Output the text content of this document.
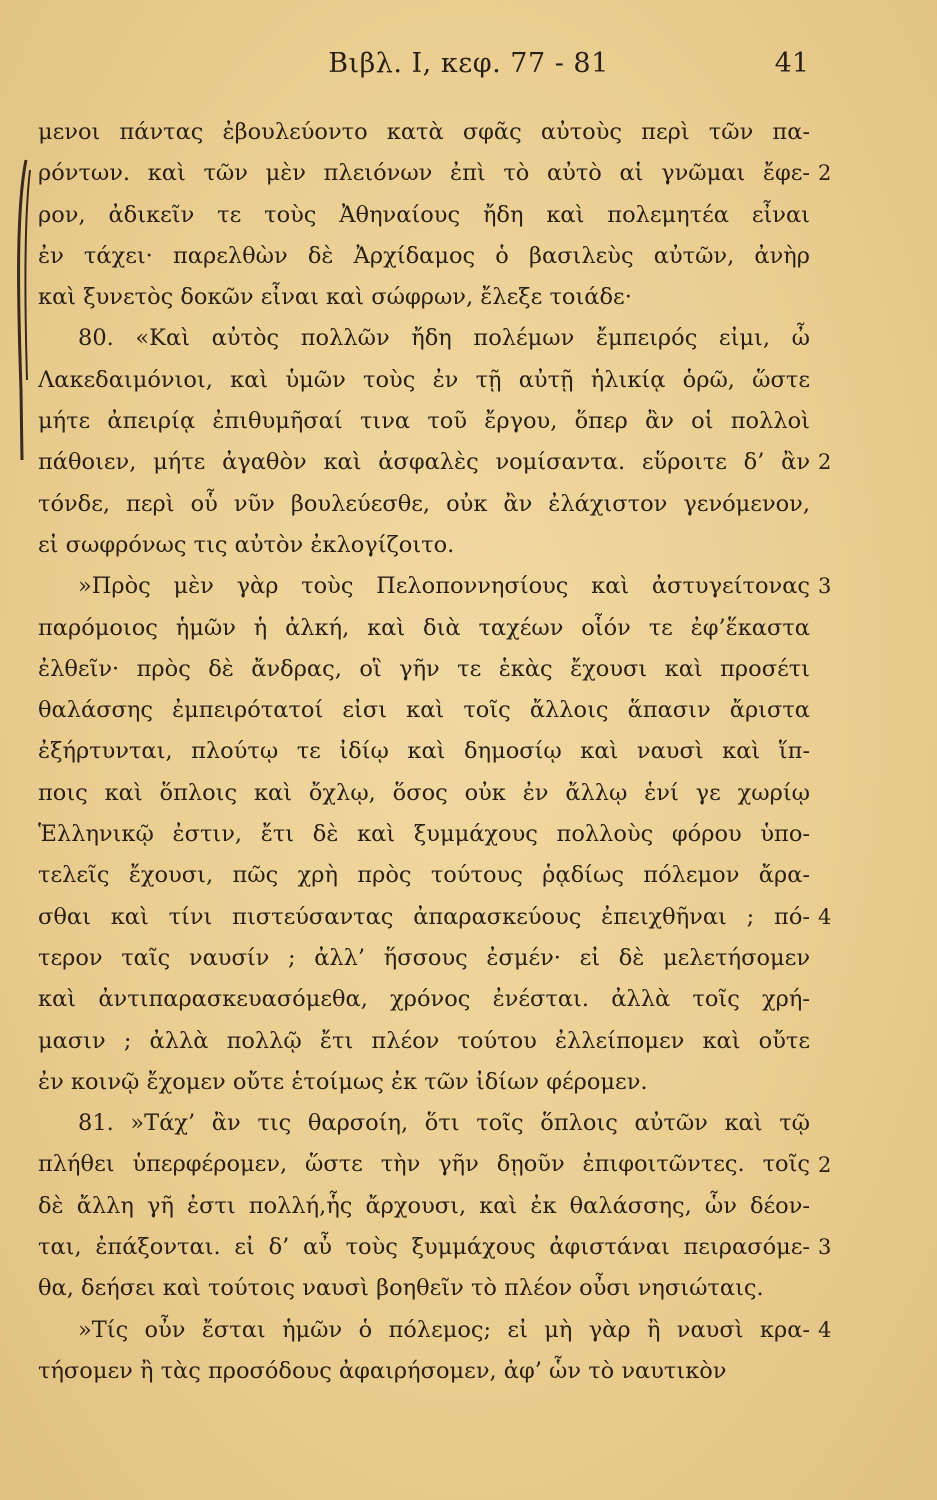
Βιβλ. Ι, κεφ. 77 - 81	41
μενοι πάντας ἐβουλεύοντο κατὰ σφᾶς αὐτοὺς περὶ τῶν πα-
ρόντων. καὶ τῶν μὲν πλειόνων ἐπὶ τὸ αὐτὸ αἱ γνῶμαι ἔφε-
ρον, ἀδικεῖν τε τοὺς Ἀθηναίους ἤδη καὶ πολεμητέα εἶναι
ἐν τάχει· παρελθὼν δὲ Ἀρχίδαμος ὁ βασιλεὺς αὐτῶν, ἀνὴρ
καὶ ξυνετὸς δοκῶν εἶναι καὶ σώφρων, ἔλεξε τοιάδε·
80. «Καὶ αὐτὸς πολλῶν ἤδη πολέμων ἔμπειρός εἰμι, ὦ
Λακεδαιμόνιοι, καὶ ὑμῶν τοὺς ἐν τῇ αὐτῇ ἡλικίᾳ ὁρῶ, ὥστε
μήτε ἀπειρίᾳ ἐπιθυμῆσαί τινα τοῦ ἔργου, ὅπερ ἂν οἱ πολλοὶ
πάθοιεν, μήτε ἀγαθὸν καὶ ἀσφαλὲς νομίσαντα. εὕροιτε δ’ ἂν
τόνδε, περὶ οὗ νῦν βουλεύεσθε, οὐκ ἂν ἐλάχιστον γενόμενον,
εἰ σωφρόνως τις αὐτὸν ἐκλογίζοιτο.
»Πρὸς μὲν γὰρ τοὺς Πελοποννησίους καὶ ἀστυγείτονας
παρόμοιος ἡμῶν ἡ ἀλκή, καὶ διὰ ταχέων οἷόν τε ἐφ’ἕκαστα
ἐλθεῖν· πρὸς δὲ ἄνδρας, οἳ γῆν τε ἑκὰς ἔχουσι καὶ προσέτι
θαλάσσης ἐμπειρότατοί εἰσι καὶ τοῖς ἄλλοις ἅπασιν ἄριστα
ἐξήρτυνται, πλούτῳ τε ἰδίῳ καὶ δημοσίῳ καὶ ναυσὶ καὶ ἵπ-
ποις καὶ ὅπλοις καὶ ὄχλῳ, ὅσος οὐκ ἐν ἄλλῳ ἑνί γε χωρίῳ
Ἑλληνικῷ ἐστιν, ἔτι δὲ καὶ ξυμμάχους πολλοὺς φόρου ὑπο-
τελεῖς ἔχουσι, πῶς χρὴ πρὸς τούτους ῥᾳδίως πόλεμον ἄρα-
σθαι καὶ τίνι πιστεύσαντας ἀπαρασκεύους ἐπειχθῆναι ; πό-
τερον ταῖς ναυσίν ; ἀλλ’ ἥσσους ἐσμέν· εἰ δὲ μελετήσομεν
καὶ ἀντιπαρασκευασόμεθα, χρόνος ἐνέσται. ἀλλὰ τοῖς χρή-
μασιν ; ἀλλὰ πολλῷ ἔτι πλέον τούτου ἐλλείπομεν καὶ οὔτε
ἐν κοινῷ ἔχομεν οὔτε ἑτοίμως ἐκ τῶν ἰδίων φέρομεν.
81. »Τάχ’ ἂν τις θαρσοίη, ὅτι τοῖς ὅπλοις αὐτῶν καὶ τῷ
πλήθει ὑπερφέρομεν, ὥστε τὴν γῆν δῃοῦν ἐπιφοιτῶντες. τοῖς
δὲ ἄλλη γῆ ἐστι πολλή,ἧς ἄρχουσι, καὶ ἐκ θαλάσσης, ὧν δέον-
ται, ἐπάξονται. εἰ δ’ αὖ τοὺς ξυμμάχους ἀφιστάναι πειρασόμε-
θα, δεήσει καὶ τούτοις ναυσὶ βοηθεῖν τὸ πλέον οὖσι νησιώταις.
»Τίς οὖν ἔσται ἡμῶν ὁ πόλεμος; εἰ μὴ γὰρ ἢ ναυσὶ κρα-
τήσομεν ἢ τὰς προσόδους ἀφαιρήσομεν, ἀφ’ ὧν τὸ ναυτικὸν
2
2
3
4
2
3
4
